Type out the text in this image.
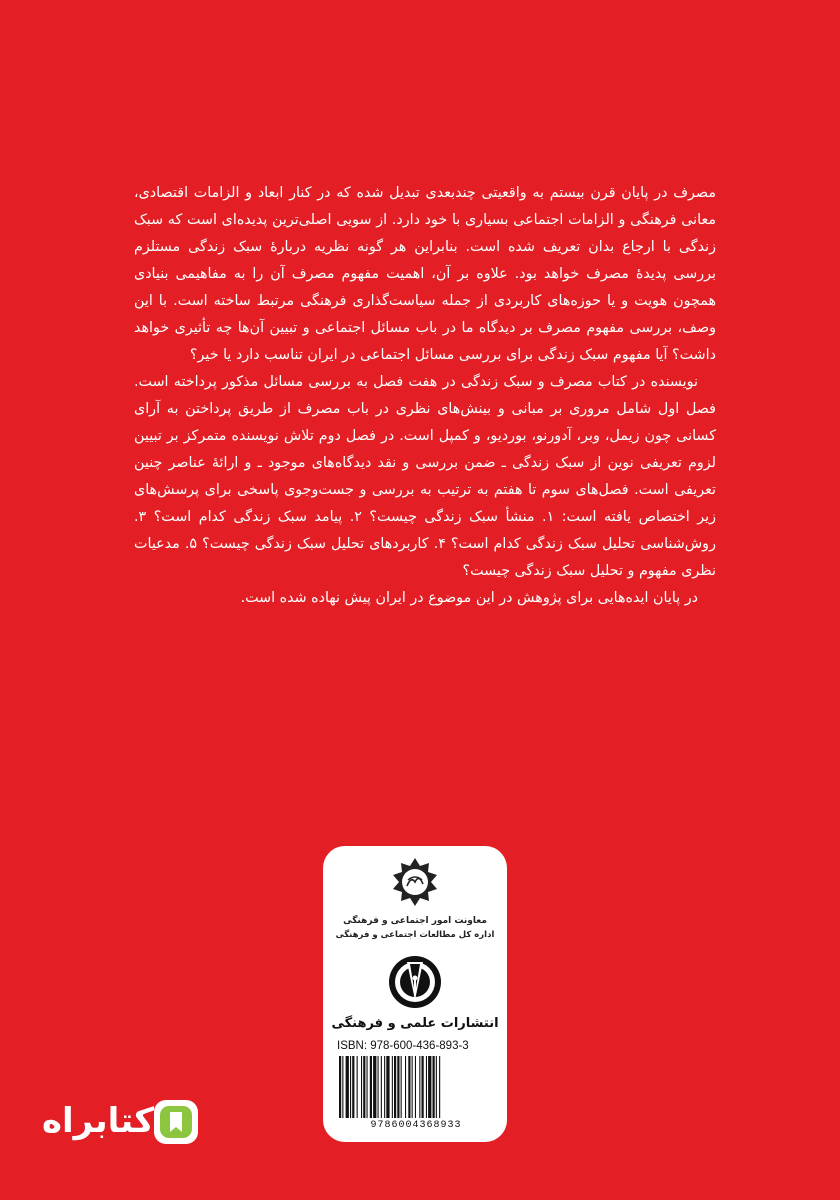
مصرف در پایان قرن بیستم به واقعیتی چندبعدی تبدیل شده که در کنار ابعاد و الزامات اقتصادی، معانی فرهنگی و الزامات اجتماعی بسیاری با خود دارد. از سویی اصلی‌ترین پدیده‌ای است که سبک زندگی با ارجاع بدان تعریف شده است. بنابراین هر گونه نظریه دربارهٔ سبک زندگی مستلزم بررسی پدیدهٔ مصرف خواهد بود. علاوه بر آن، اهمیت مفهوم مصرف آن را به مفاهیمی بنیادی همچون هویت و یا حوزه‌های کاربردی از جمله سیاست‌گذاری فرهنگی مرتبط ساخته است. با این وصف، بررسی مفهوم مصرف بر دیدگاه ما در باب مسائل اجتماعی و تبیین آن‌ها چه تأثیری خواهد داشت؟ آیا مفهوم سبک زندگی برای بررسی مسائل اجتماعی در ایران تناسب دارد یا خیر؟

نویسنده در کتاب مصرف و سبک زندگی در هفت فصل به بررسی مسائل مذکور پرداخته است. فصل اول شامل مروری بر مبانی و بینش‌های نظری در باب مصرف از طریق پرداختن به آرای کسانی چون زیمل، وبر، آدورنو، بوردیو، و کمپل است. در فصل دوم تلاش نویسنده متمرکز بر تبیین لزوم تعریفی نوین از سبک زندگی ـ ضمن بررسی و نقد دیدگاه‌های موجود ـ و ارائهٔ عناصر چنین تعریفی است. فصل‌های سوم تا هفتم به ترتیب به بررسی و جست‌وجوی پاسخی برای پرسش‌های زیر اختصاص یافته است: ۱. منشأ سبک زندگی چیست؟ ۲. پیامد سبک زندگی کدام است؟ ۳. روش‌شناسی تحلیل سبک زندگی کدام است؟ ۴. کاربردهای تحلیل سبک زندگی چیست؟ ۵. مدعیات نظری مفهوم و تحلیل سبک زندگی چیست؟

در پایان ایده‌هایی برای پژوهش در این موضوع در ایران پیش نهاده شده است.

معاونت امور اجتماعی و فرهنگی
اداره کل مطالعات اجتماعی و فرهنگی
انتشارات علمی و فرهنگی
ISBN: 978-600-436-893-3
9786004368933
کتابراه
